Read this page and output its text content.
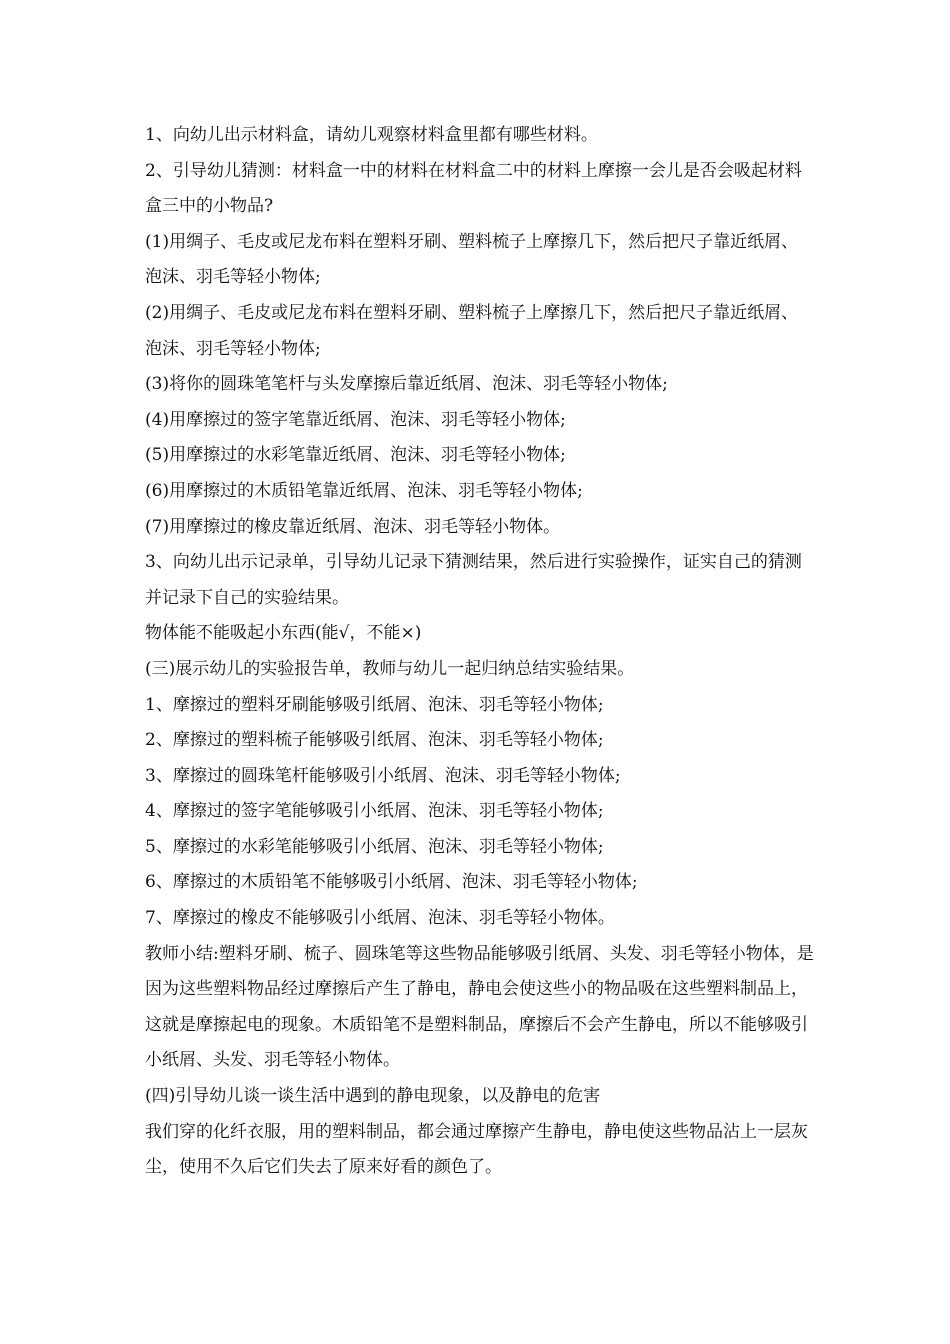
1、向幼儿出示材料盒，请幼儿观察材料盒里都有哪些材料。

2、引导幼儿猜测：材料盒一中的材料在材料盒二中的材料上摩擦一会儿是否会吸起材料盒三中的小物品?

(1)用绸子、毛皮或尼龙布料在塑料牙刷、塑料梳子上摩擦几下，然后把尺子靠近纸屑、泡沫、羽毛等轻小物体;

(2)用绸子、毛皮或尼龙布料在塑料牙刷、塑料梳子上摩擦几下，然后把尺子靠近纸屑、泡沫、羽毛等轻小物体;

(3)将你的圆珠笔笔杆与头发摩擦后靠近纸屑、泡沫、羽毛等轻小物体;

(4)用摩擦过的签字笔靠近纸屑、泡沫、羽毛等轻小物体;

(5)用摩擦过的水彩笔靠近纸屑、泡沫、羽毛等轻小物体;

(6)用摩擦过的木质铅笔靠近纸屑、泡沫、羽毛等轻小物体;

(7)用摩擦过的橡皮靠近纸屑、泡沫、羽毛等轻小物体。

3、向幼儿出示记录单，引导幼儿记录下猜测结果，然后进行实验操作，证实自己的猜测并记录下自己的实验结果。

物体能不能吸起小东西(能√，不能×)

(三)展示幼儿的实验报告单，教师与幼儿一起归纳总结实验结果。

1、摩擦过的塑料牙刷能够吸引纸屑、泡沫、羽毛等轻小物体;

2、摩擦过的塑料梳子能够吸引纸屑、泡沫、羽毛等轻小物体;

3、摩擦过的圆珠笔杆能够吸引小纸屑、泡沫、羽毛等轻小物体;

4、摩擦过的签字笔能够吸引小纸屑、泡沫、羽毛等轻小物体;

5、摩擦过的水彩笔能够吸引小纸屑、泡沫、羽毛等轻小物体;

6、摩擦过的木质铅笔不能够吸引小纸屑、泡沫、羽毛等轻小物体;

7、摩擦过的橡皮不能够吸引小纸屑、泡沫、羽毛等轻小物体。

教师小结:塑料牙刷、梳子、圆珠笔等这些物品能够吸引纸屑、头发、羽毛等轻小物体，是因为这些塑料物品经过摩擦后产生了静电，静电会使这些小的物品吸在这些塑料制品上，这就是摩擦起电的现象。木质铅笔不是塑料制品，摩擦后不会产生静电，所以不能够吸引小纸屑、头发、羽毛等轻小物体。

(四)引导幼儿谈一谈生活中遇到的静电现象，以及静电的危害

我们穿的化纤衣服，用的塑料制品，都会通过摩擦产生静电，静电使这些物品沾上一层灰尘，使用不久后它们失去了原来好看的颜色了。
